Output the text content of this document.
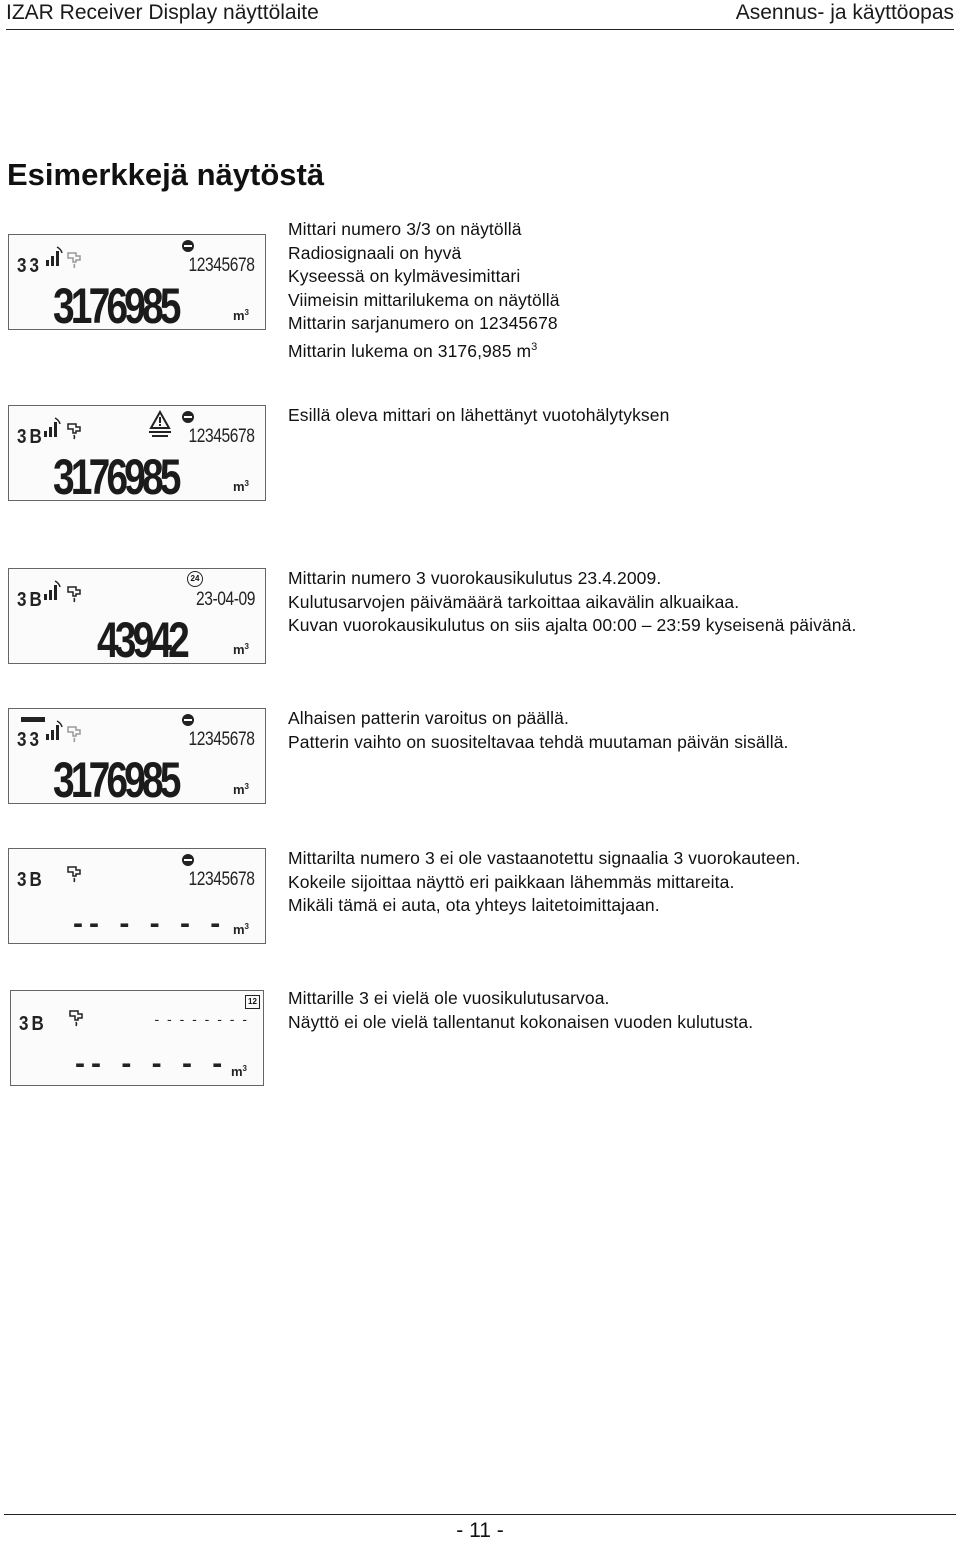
IZAR Receiver Display näyttölaite	Asennus- ja käyttöopas
Esimerkkejä näytöstä
3 3	12345678
3176985	$m^3$
Mittari numero 3/3 on näytöllä
Radiosignaali on hyvä
Kyseessä on kylmävesimittari
Viimeisin mittarilukema on näytöllä
Mittarin sarjanumero on 12345678
Mittarin lukema on 3176,985 $m^3$
3 B	12345678
3176985	$m^3$
Esillä oleva mittari on lähettänyt vuotohälytyksen
24
3 B	23-04-09
43942	$m^3$
Mittarin numero 3 vuorokausikulutus 23.4.2009.
Kulutusarvojen päivämäärä tarkoittaa aikavälin alkuaikaa.
Kuvan vuorokausikulutus on siis ajalta 00:00 – 23:59 kyseisenä päivänä.
3 3	12345678
3176985	$m^3$
Alhaisen patterin varoitus on päällä.
Patterin vaihto on suositeltavaa tehdä muutaman päivän sisällä.
3 B	12345678
-- - - - - $m^3$
Mittarilta numero 3 ei ole vastaanotettu signaalia 3 vuorokauteen.
Kokeile sijoittaa näyttö eri paikkaan lähemmäs mittareita.
Mikäli tämä ei auta, ota yhteys laitetoimittajaan.
12
3 B	- - - - - - - -
-- - - - - $m^3$
Mittarille 3 ei vielä ole vuosikulutusarvoa.
Näyttö ei ole vielä tallentanut kokonaisen vuoden kulutusta.
- 11 -
